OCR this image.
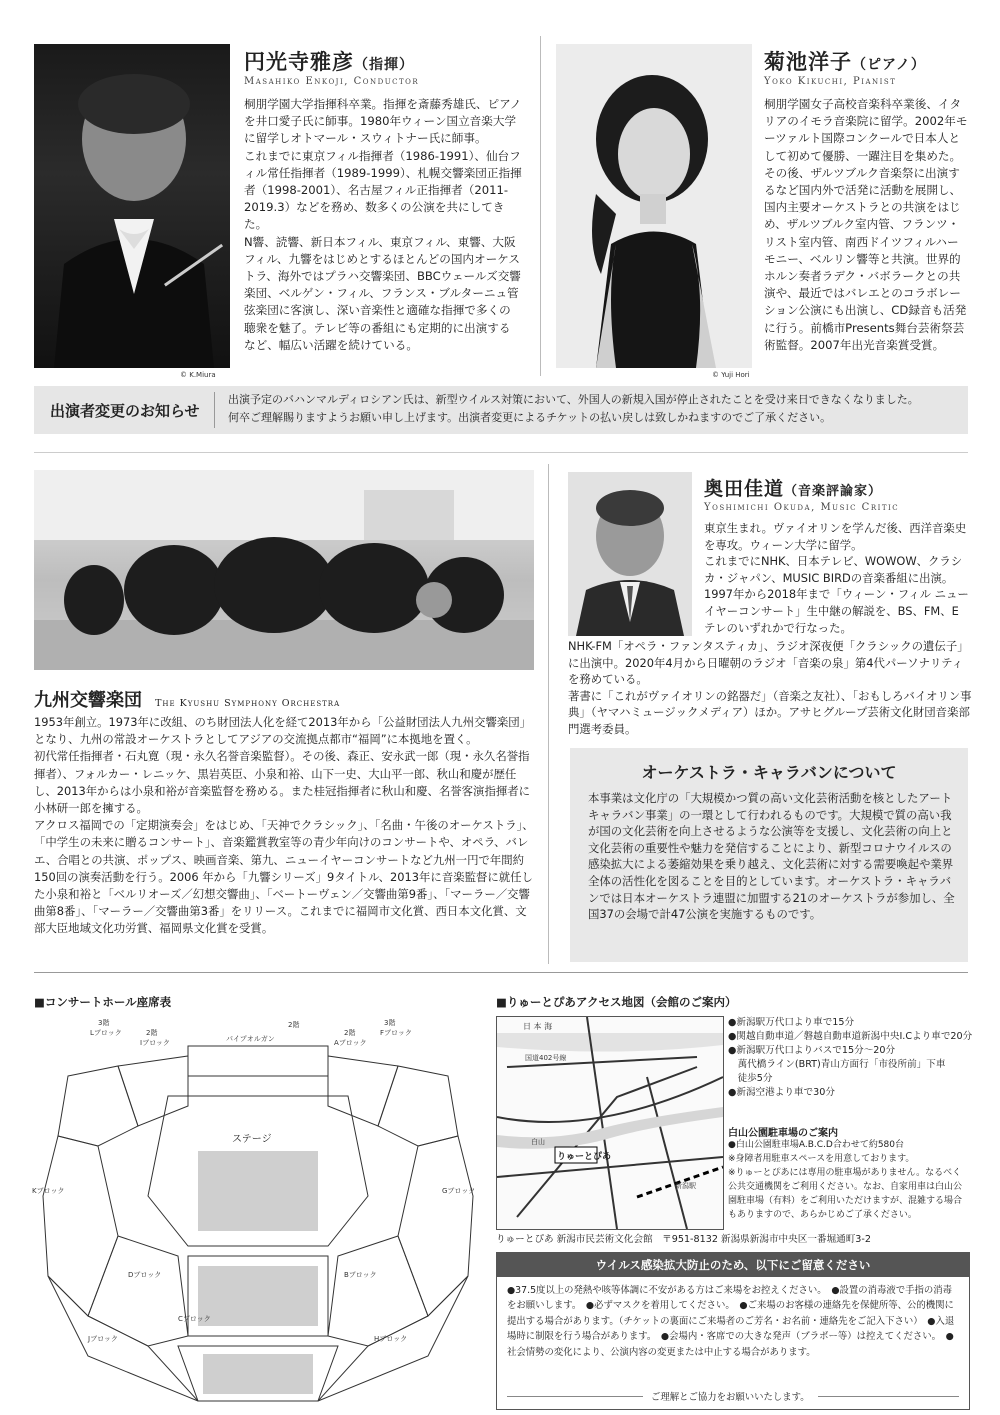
© K.Miura
円光寺雅彦（指揮）
Masahiko Enkoji, Conductor
桐朋学園大学指揮科卒業。指揮を斎藤秀雄氏、ピアノを井口愛子氏に師事。1980年ウィーン国立音楽大学に留学しオトマール・スウィトナー氏に師事。
これまでに東京フィル指揮者（1986-1991）、仙台フィル常任指揮者（1989-1999）、札幌交響楽団正指揮者（1998-2001）、名古屋フィル正指揮者（2011-2019.3）などを務め、数多くの公演を共にしてきた。
N響、読響、新日本フィル、東京フィル、東響、大阪フィル、九響をはじめとするほとんどの国内オーケストラ、海外ではプラハ交響楽団、BBCウェールズ交響楽団、ベルゲン・フィル、フランス・ブルターニュ管弦楽団に客演し、深い音楽性と適確な指揮で多くの聴衆を魅了。テレビ等の番組にも定期的に出演するなど、幅広い活躍を続けている。
© Yuji Hori
菊池洋子（ピアノ）
Yoko Kikuchi, Pianist
桐朋学園女子高校音楽科卒業後、イタリアのイモラ音楽院に留学。2002年モーツァルト国際コンクールで日本人として初めて優勝、一躍注目を集めた。その後、ザルツブルク音楽祭に出演するなど国内外で活発に活動を展開し、国内主要オーケストラとの共演をはじめ、ザルツブルク室内管、フランツ・リスト室内管、南西ドイツフィルハーモニー、ベルリン響等と共演。世界的ホルン奏者ラデク・バボラークとの共演や、最近ではバレエとのコラボレーション公演にも出演し、CD録音も活発に行う。前橋市Presents舞台芸術祭芸術監督。2007年出光音楽賞受賞。
出演者変更のお知らせ
出演予定のバハンマルディロシアン氏は、新型ウイルス対策において、外国人の新規入国が停止されたことを受け来日できなくなりました。
何卒ご理解賜りますようお願い申し上げます。出演者変更によるチケットの払い戻しは致しかねますのでご了承ください。
九州交響楽団 The Kyushu Symphony Orchestra
1953年創立。1973年に改組、のち財団法人化を経て2013年から「公益財団法人九州交響楽団」となり、九州の常設オーケストラとしてアジアの交流拠点都市“福岡”に本拠地を置く。
初代常任指揮者・石丸寛（現・永久名誉音楽監督）。その後、森正、安永武一郎（現・永久名誉指揮者）、フォルカー・レニッケ、黒岩英臣、小泉和裕、山下一史、大山平一郎、秋山和慶が歴任し、2013年からは小泉和裕が音楽監督を務める。また桂冠指揮者に秋山和慶、名誉客演指揮者に小林研一郎を擁する。
アクロス福岡での「定期演奏会」をはじめ、「天神でクラシック」、「名曲・午後のオーケストラ」、「中学生の未来に贈るコンサート」、音楽鑑賞教室等の青少年向けのコンサートや、オペラ、バレエ、合唱との共演、ポップス、映画音楽、第九、ニューイヤーコンサートなど九州一円で年間約150回の演奏活動を行う。2006 年から「九響シリーズ」9タイトル、2013年に音楽監督に就任した小泉和裕と「ベルリオーズ／幻想交響曲」、「ベートーヴェン／交響曲第9番」、「マーラー／交響曲第8番」、「マーラー／交響曲第3番」をリリース。これまでに福岡市文化賞、西日本文化賞、文部大臣地域文化功労賞、福岡県文化賞を受賞。
奥田佳道（音楽評論家）
Yoshimichi Okuda, Music Critic
東京生まれ。ヴァイオリンを学んだ後、西洋音楽史を専攻。ウィーン大学に留学。
これまでにNHK、日本テレビ、WOWOW、クラシカ・ジャパン、MUSIC BIRDの音楽番組に出演。
1997年から2018年まで「ウィーン・フィル ニューイヤーコンサート」生中継の解説を、BS、FM、Eテレのいずれかで行なった。
NHK-FM「オペラ・ファンタスティカ」、ラジオ深夜便「クラシックの遺伝子」に出演中。2020年4月から日曜朝のラジオ「音楽の泉」第4代パーソナリティを務めている。
著書に「これがヴァイオリンの銘器だ」（音楽之友社）、「おもしろバイオリン事典」（ヤマハミュージックメディア）ほか。アサヒグループ芸術文化財団音楽部門選考委員。
オーケストラ・キャラバンについて
本事業は文化庁の「大規模かつ質の高い文化芸術活動を核としたアートキャラバン事業」の一環として行われるものです。大規模で質の高い我が国の文化芸術を向上させるような公演等を支援し、文化芸術の向上と文化芸術の重要性や魅力を発信することにより、新型コロナウイルスの感染拡大による萎縮効果を乗り越え、文化芸術に対する需要喚起や業界全体の活性化を図ることを目的としています。オーケストラ・キャラバンでは日本オーケストラ連盟に加盟する21のオーケストラが参加し、全国37の会場で計47公演を実施するものです。
■コンサートホール座席表
3階
2階
2階
2階
3階
Lブロック
Iブロック	パイプオルガン	Aブロック
Fブロック
ステージ
Kブロック	Gブロック
Dブロック	Bブロック
Jブロック
Cブロック
Hブロック
■りゅーとぴあアクセス地図（会館のご案内）
日 本 海
国道402号線
白山
りゅーとぴあ
新潟駅
●新潟駅万代口より車で15分
●関越自動車道／磐越自動車道新潟中央I.Cより車で20分
●新潟駅万代口よりバスで15分～20分
　萬代橋ライン(BRT)青山方面行「市役所前」下車
　徒歩5分
●新潟空港より車で30分
白山公園駐車場のご案内
●白山公園駐車場A.B.C.D合わせて約580台
※身障者用駐車スペースを用意しております。
※りゅーとぴあには専用の駐車場がありません。なるべく公共交通機関をご利用ください。なお、自家用車は白山公園駐車場（有料）をご利用いただけますが、混雑する場合もありますので、あらかじめご了承ください。
りゅーとぴあ 新潟市民芸術文化会館　〒951-8132 新潟県新潟市中央区一番堀通町3-2
ウイルス感染拡大防止のため、以下にご留意ください
●37.5度以上の発熱や咳等体調に不安がある方はご来場をお控えください。　●設置の消毒液で手指の消毒をお願いします。　●必ずマスクを着用してください。　●ご来場のお客様の連絡先を保健所等、公的機関に提出する場合があります。（チケットの裏面にご来場者のご芳名・お名前・連絡先をご記入下さい）　●入退場時に制限を行う場合があります。　●会場内・客席での大きな発声（ブラボー等）は控えてください。　●社会情勢の変化により、公演内容の変更または中止する場合があります。
ご理解とご協力をお願いいたします。
